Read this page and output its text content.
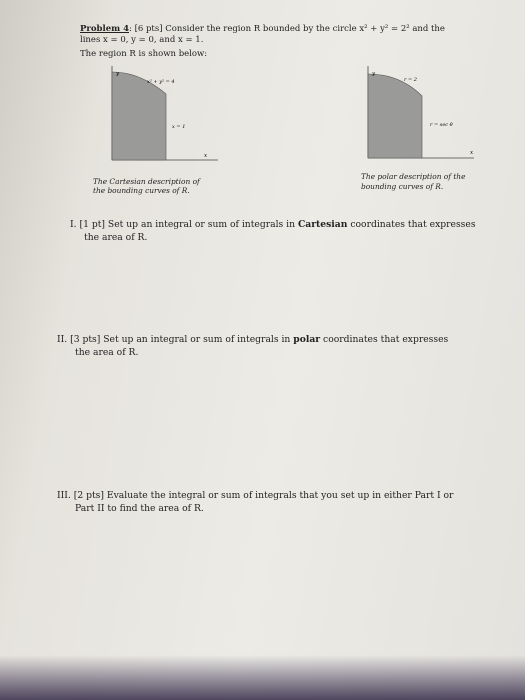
Problem 4: [6 pts] Consider the region R bounded by the circle x² + y² = 2² and the
lines x = 0, y = 0, and x = 1.
The region R is shown below:
y
x
x² + y² = 4
x = 1
The Cartesian description of
the bounding curves of R.
y
x
r = 2
r = sec θ
The polar description of the
bounding curves of R.
I. [1 pt] Set up an integral or sum of integrals in Cartesian coordinates that expresses
the area of R.
II. [3 pts] Set up an integral or sum of integrals in polar coordinates that expresses
the area of R.
III. [2 pts] Evaluate the integral or sum of integrals that you set up in either Part I or
Part II to find the area of R.
